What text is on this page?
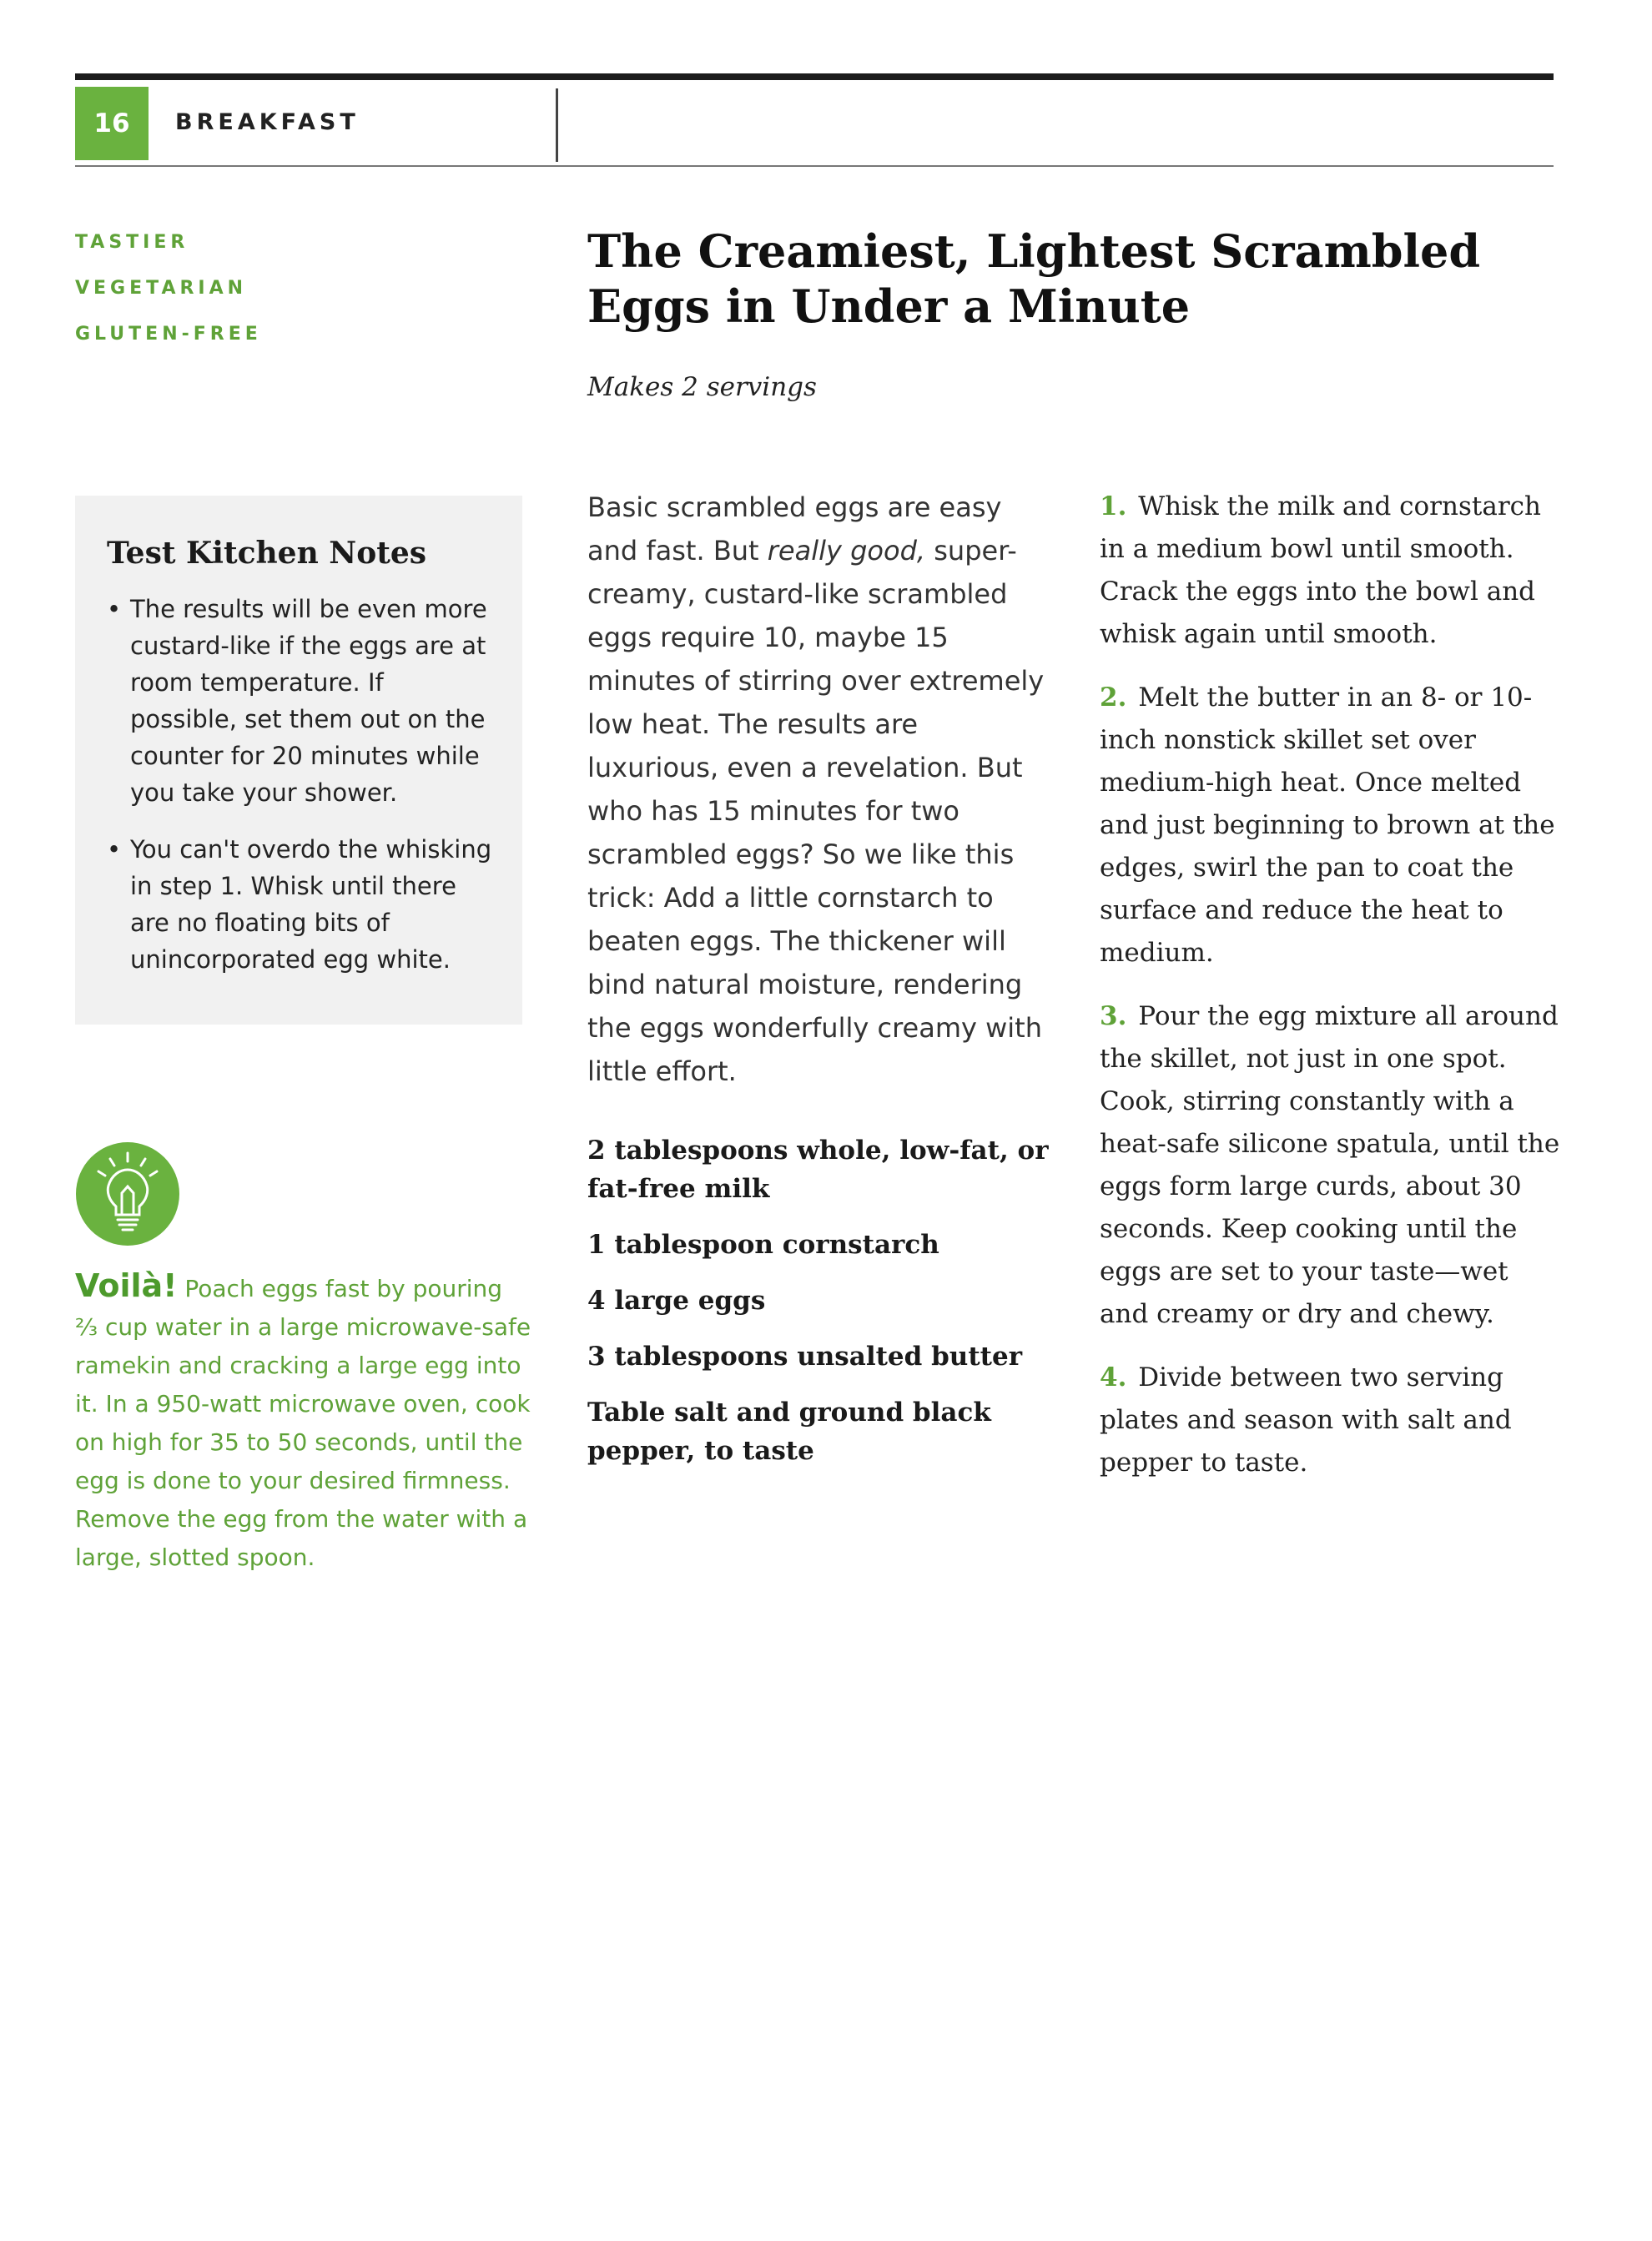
16	BREAKFAST
TASTIER
VEGETARIAN
GLUTEN-FREE
The Creamiest, Lightest Scrambled Eggs in Under a Minute
Makes 2 servings
Test Kitchen Notes
• The results will be even more custard-like if the eggs are at room temperature. If possible, set them out on the counter for 20 minutes while you take your shower.
• You can't overdo the whisking in step 1. Whisk until there are no floating bits of unincorporated egg white.
Voilà! Poach eggs fast by pouring ⅔ cup water in a large microwave-safe ramekin and cracking a large egg into it. In a 950-watt microwave oven, cook on high for 35 to 50 seconds, until the egg is done to your desired firmness. Remove the egg from the water with a large, slotted spoon.
Basic scrambled eggs are easy and fast. But really good, super-creamy, custard-like scrambled eggs require 10, maybe 15 minutes of stirring over extremely low heat. The results are luxurious, even a revelation. But who has 15 minutes for two scrambled eggs? So we like this trick: Add a little cornstarch to beaten eggs. The thickener will bind natural moisture, rendering the eggs wonderfully creamy with little effort.
2 tablespoons whole, low-fat, or fat-free milk
1 tablespoon cornstarch
4 large eggs
3 tablespoons unsalted butter
Table salt and ground black pepper, to taste
1. Whisk the milk and cornstarch in a medium bowl until smooth. Crack the eggs into the bowl and whisk again until smooth.
2. Melt the butter in an 8- or 10-inch nonstick skillet set over medium-high heat. Once melted and just beginning to brown at the edges, swirl the pan to coat the surface and reduce the heat to medium.
3. Pour the egg mixture all around the skillet, not just in one spot. Cook, stirring constantly with a heat-safe silicone spatula, until the eggs form large curds, about 30 seconds. Keep cooking until the eggs are set to your taste—wet and creamy or dry and chewy.
4. Divide between two serving plates and season with salt and pepper to taste.
